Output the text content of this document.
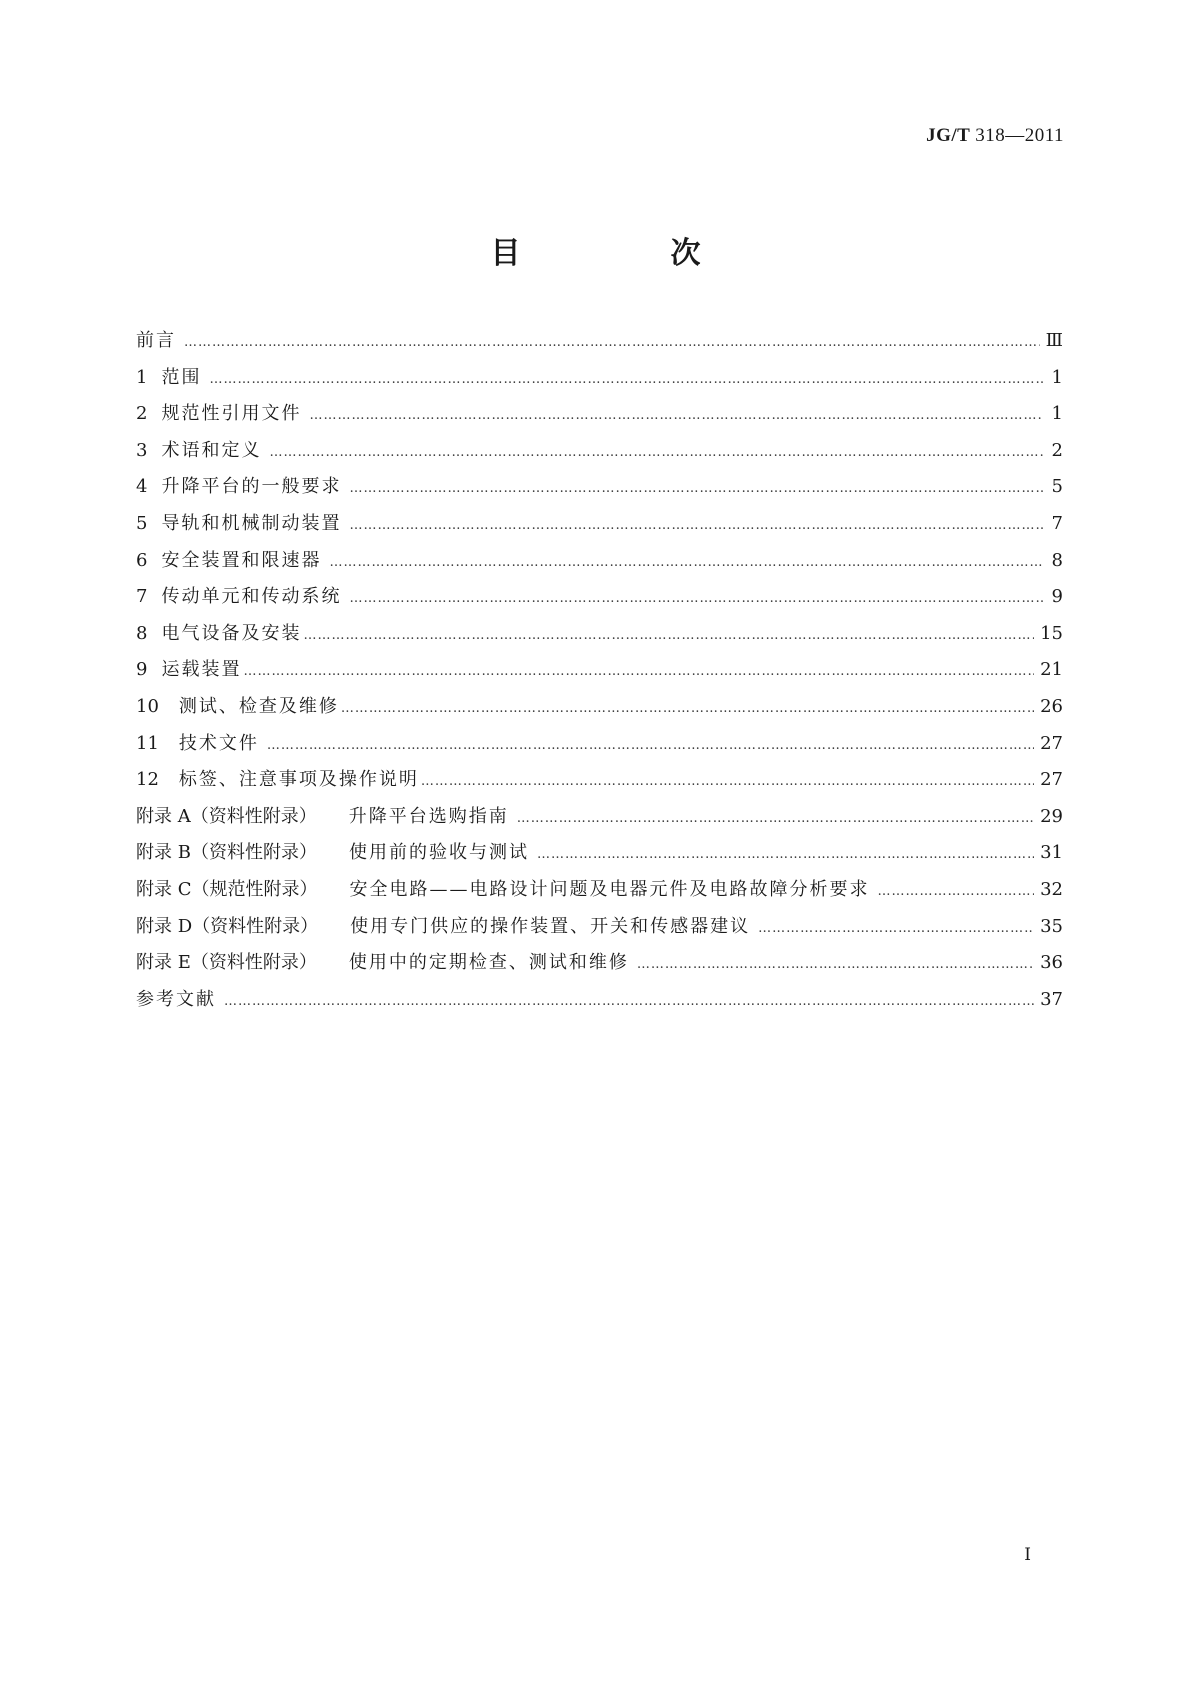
JG/T 318—2011
目　次
前言 ……………………………………………………………………………………………………………………………………………………………………………………	Ⅲ
1 范围 ……………………………………………………………………………………………………………………………………………………………………………………	1
2 规范性引用文件 ……………………………………………………………………………………………………………………………………………………………………………………	1
3 术语和定义 ……………………………………………………………………………………………………………………………………………………………………………………	2
4 升降平台的一般要求 ……………………………………………………………………………………………………………………………………………………………………………………	5
5 导轨和机械制动装置 ……………………………………………………………………………………………………………………………………………………………………………………	7
6 安全装置和限速器 ……………………………………………………………………………………………………………………………………………………………………………………	8
7 传动单元和传动系统 ……………………………………………………………………………………………………………………………………………………………………………………	9
8 电气设备及安装 ……………………………………………………………………………………………………………………………………………………………………………………	15
9 运载装置 ……………………………………………………………………………………………………………………………………………………………………………………	21
10 测试、检查及维修 ……………………………………………………………………………………………………………………………………………………………………………………	26
11 技术文件 ……………………………………………………………………………………………………………………………………………………………………………………	27
12 标签、注意事项及操作说明 ……………………………………………………………………………………………………………………………………………………………………………………	27
附录 A（资料性附录） 升降平台选购指南 ……………………………………………………………………………………………………………………………………………………………………………………	29
附录 B（资料性附录） 使用前的验收与测试 ……………………………………………………………………………………………………………………………………………………………………………………	31
附录 C（规范性附录） 安全电路——电路设计问题及电器元件及电路故障分析要求 ……………………………………………………………………………………………………………………………………………………………………………………	32
附录 D（资料性附录） 使用专门供应的操作装置、开关和传感器建议 ……………………………………………………………………………………………………………………………………………………………………………………	35
附录 E（资料性附录） 使用中的定期检查、测试和维修 ……………………………………………………………………………………………………………………………………………………………………………………	36
参考文献 ……………………………………………………………………………………………………………………………………………………………………………………	37
I
